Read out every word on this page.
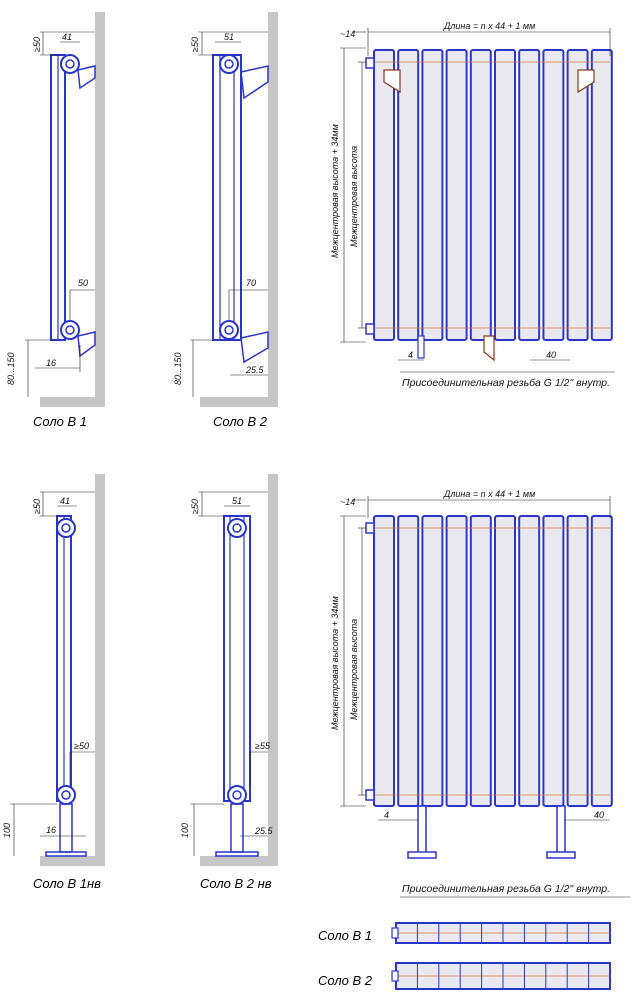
≥50
41
50
16
80...150
Соло В 1
≥50
51
70
25.5
80...150
Соло В 2
≥50 41
≥50
16
100
Соло В 1нв
≥50	51
≥55
25.5
100
Соло В 2 нв
~14
Длина = n x 44 + 1 мм
Межцентровая высота + 34мм Межцентровая высота
4	40
Присоединительная резьба G 1/2" внутр.
~14
Длина = n x 44 + 1 мм
Межцентровая высота + 34мм Межцентровая высота
4	40
Присоединительная резьба G 1/2" внутр.
Соло В 1
Соло В 2
